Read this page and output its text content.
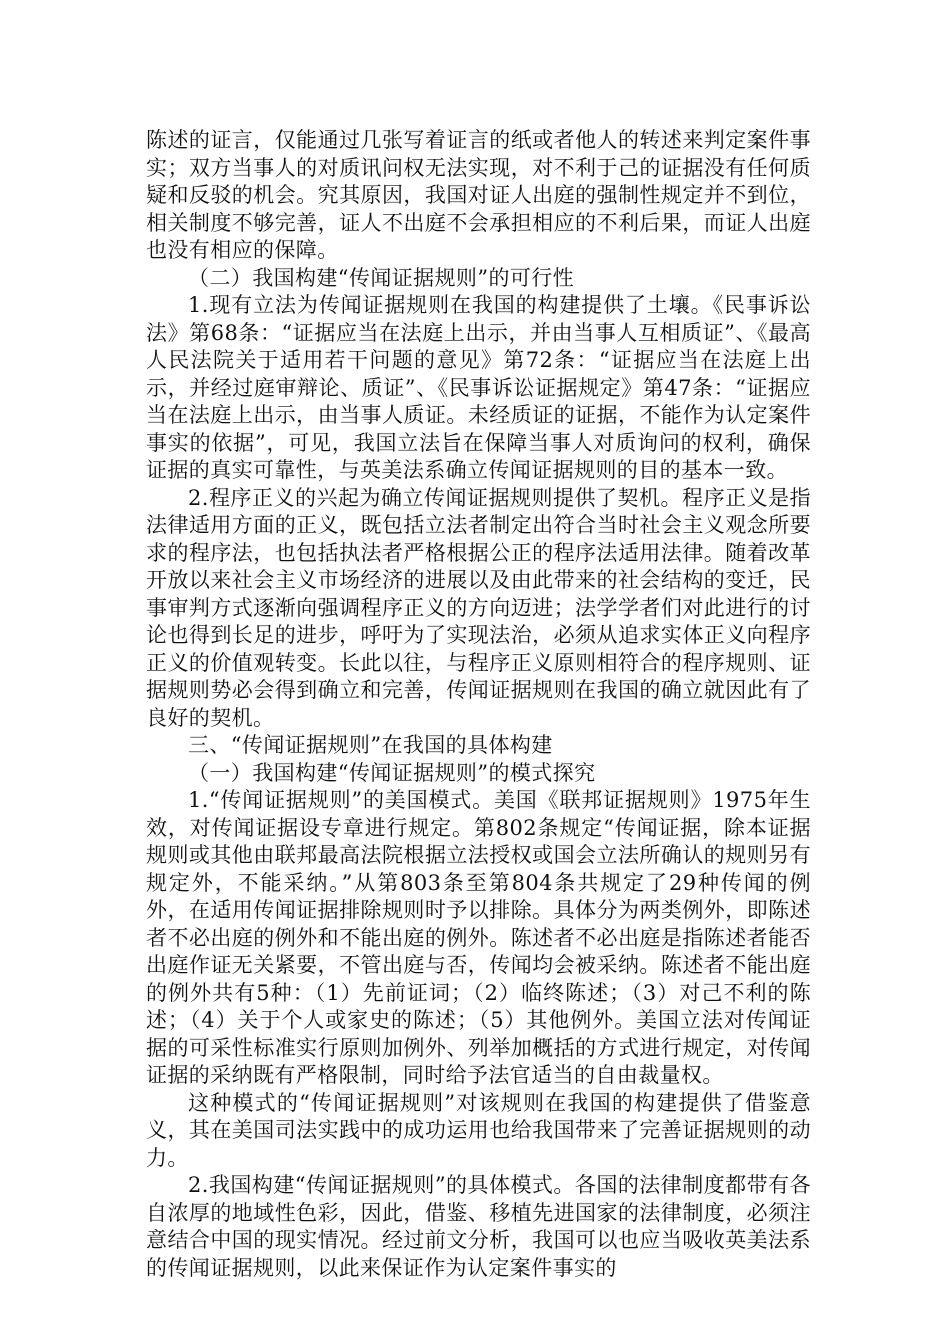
陈述的证言，仅能通过几张写着证言的纸或者他人的转述来判定案件事实；双方当事人的对质讯问权无法实现，对不利于己的证据没有任何质疑和反驳的机会。究其原因，我国对证人出庭的强制性规定并不到位，相关制度不够完善，证人不出庭不会承担相应的不利后果，而证人出庭也没有相应的保障。

（二）我国构建“传闻证据规则”的可行性

1.现有立法为传闻证据规则在我国的构建提供了土壤。《民事诉讼法》第68条：“证据应当在法庭上出示，并由当事人互相质证”、《最高人民法院关于适用若干问题的意见》第72条：“证据应当在法庭上出示，并经过庭审辩论、质证”、《民事诉讼证据规定》第47条：“证据应当在法庭上出示，由当事人质证。未经质证的证据，不能作为认定案件事实的依据”，可见，我国立法旨在保障当事人对质询问的权利，确保证据的真实可靠性，与英美法系确立传闻证据规则的目的基本一致。

2.程序正义的兴起为确立传闻证据规则提供了契机。程序正义是指法律适用方面的正义，既包括立法者制定出符合当时社会主义观念所要求的程序法，也包括执法者严格根据公正的程序法适用法律。随着改革开放以来社会主义市场经济的进展以及由此带来的社会结构的变迁，民事审判方式逐渐向强调程序正义的方向迈进；法学学者们对此进行的讨论也得到长足的进步，呼吁为了实现法治，必须从追求实体正义向程序正义的价值观转变。长此以往，与程序正义原则相符合的程序规则、证据规则势必会得到确立和完善，传闻证据规则在我国的确立就因此有了良好的契机。

三、“传闻证据规则”在我国的具体构建

（一）我国构建“传闻证据规则”的模式探究

1.“传闻证据规则”的美国模式。美国《联邦证据规则》1975年生效，对传闻证据设专章进行规定。第802条规定“传闻证据，除本证据规则或其他由联邦最高法院根据立法授权或国会立法所确认的规则另有规定外，不能采纳。”从第803条至第804条共规定了29种传闻的例外，在适用传闻证据排除规则时予以排除。具体分为两类例外，即陈述者不必出庭的例外和不能出庭的例外。陈述者不必出庭是指陈述者能否出庭作证无关紧要，不管出庭与否，传闻均会被采纳。陈述者不能出庭的例外共有5种：（1）先前证词；（2）临终陈述；（3）对己不利的陈述；（4）关于个人或家史的陈述；（5）其他例外。美国立法对传闻证据的可采性标准实行原则加例外、列举加概括的方式进行规定，对传闻证据的采纳既有严格限制，同时给予法官适当的自由裁量权。

这种模式的“传闻证据规则”对该规则在我国的构建提供了借鉴意义，其在美国司法实践中的成功运用也给我国带来了完善证据规则的动力。

2.我国构建“传闻证据规则”的具体模式。各国的法律制度都带有各自浓厚的地域性色彩，因此，借鉴、移植先进国家的法律制度，必须注意结合中国的现实情况。经过前文分析，我国可以也应当吸收英美法系的传闻证据规则，以此来保证作为认定案件事实的
